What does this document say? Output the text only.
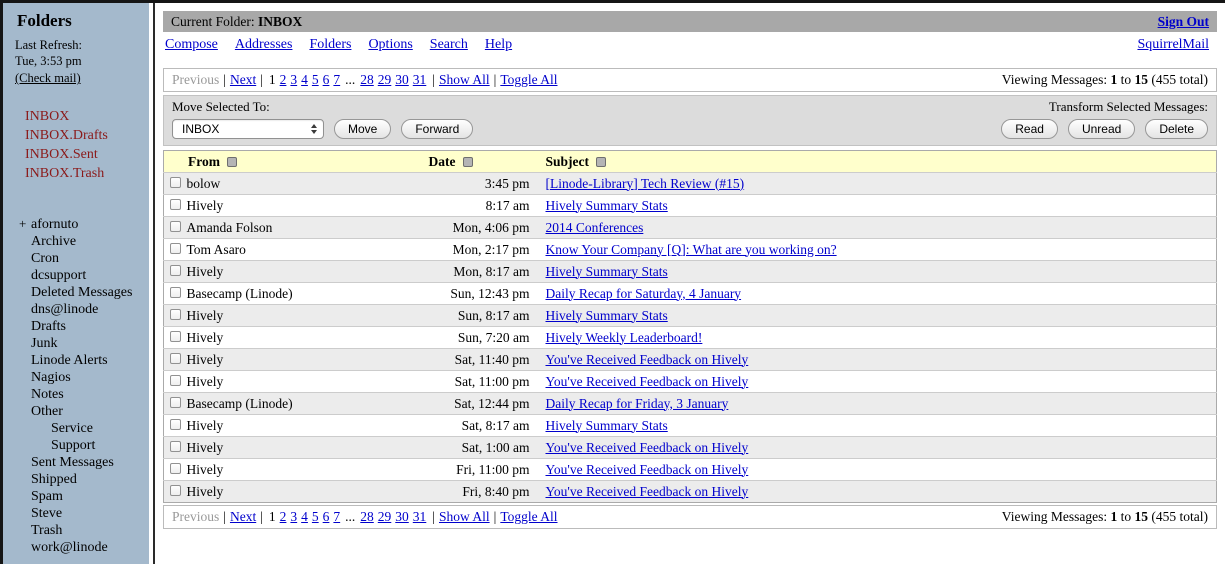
Folders
Last Refresh:
Tue, 3:53 pm
(Check mail)
INBOX
INBOX.Drafts
INBOX.Sent
INBOX.Trash
+ afornuto
Archive
Cron
dcsupport
Deleted Messages
dns@linode
Drafts
Junk
Linode Alerts
Nagios
Notes
Other
Service
Support
Sent Messages
Shipped
Spam
Steve
Trash
work@linode
Current Folder: INBOX	Sign Out
Compose Addresses Folders Options Search Help	SquirrelMail
Previous | Next | 1 2 3 4 5 6 7 ... 28 29 30 31 | Show All | Toggle All	Viewing Messages: 1 to 15 (455 total)
Move Selected To:
INBOX	Move	Forward
Transform Selected Messages:
Read	Unread	Delete
From		Date	Subject
	bolow	3:45 pm	[Linode-Library] Tech Review (#15)
	Hively	8:17 am	Hively Summary Stats
	Amanda Folson	Mon, 4:06 pm	2014 Conferences
	Tom Asaro	Mon, 2:17 pm	Know Your Company [Q]: What are you working on?
	Hively	Mon, 8:17 am	Hively Summary Stats
	Basecamp (Linode)	Sun, 12:43 pm	Daily Recap for Saturday, 4 January
	Hively	Sun, 8:17 am	Hively Summary Stats
	Hively	Sun, 7:20 am	Hively Weekly Leaderboard!
	Hively	Sat, 11:40 pm	You've Received Feedback on Hively
	Hively	Sat, 11:00 pm	You've Received Feedback on Hively
	Basecamp (Linode)	Sat, 12:44 pm	Daily Recap for Friday, 3 January
	Hively	Sat, 8:17 am	Hively Summary Stats
	Hively	Sat, 1:00 am	You've Received Feedback on Hively
	Hively	Fri, 11:00 pm	You've Received Feedback on Hively
	Hively	Fri, 8:40 pm	You've Received Feedback on Hively
Previous | Next | 1 2 3 4 5 6 7 ... 28 29 30 31 | Show All | Toggle All	Viewing Messages: 1 to 15 (455 total)
